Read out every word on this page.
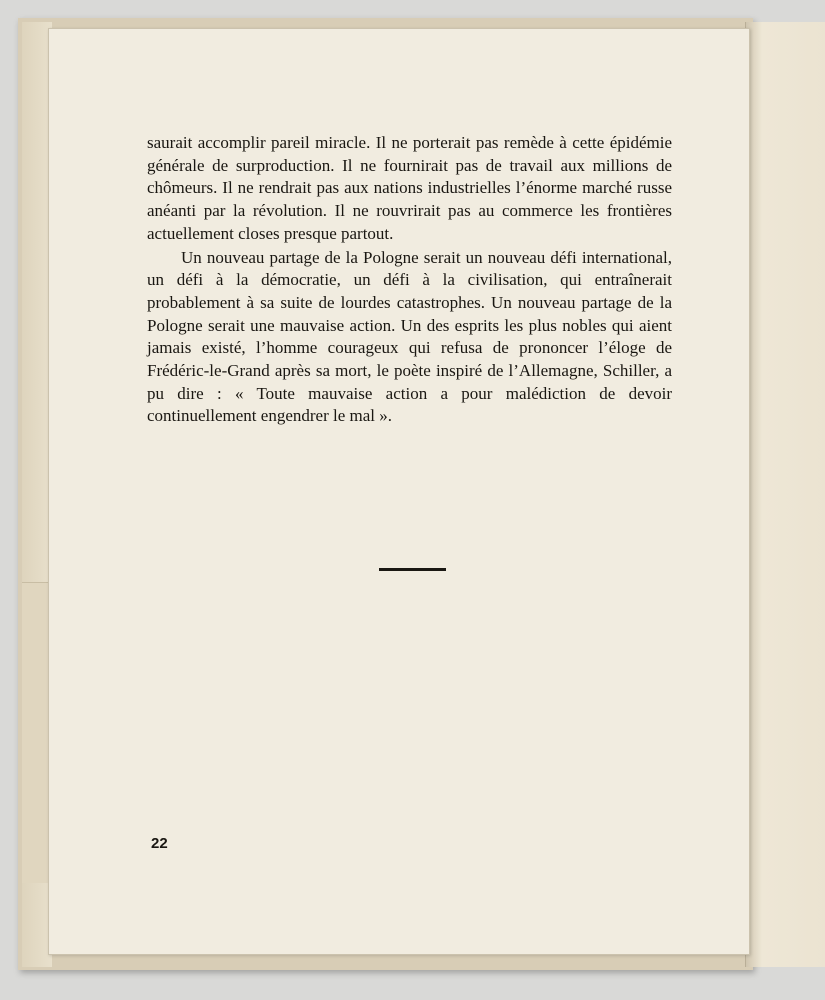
saurait accomplir pareil miracle. Il ne porterait pas remède à cette épidémie générale de surproduction. Il ne fournirait pas de travail aux millions de chômeurs. Il ne rendrait pas aux nations industrielles l’énorme marché russe anéanti par la révolution. Il ne rouvrirait pas au commerce les frontières actuellement closes presque partout.

Un nouveau partage de la Pologne serait un nouveau défi international, un défi à la démocratie, un défi à la civilisation, qui entraînerait probablement à sa suite de lourdes catastrophes. Un nouveau partage de la Pologne serait une mauvaise action. Un des esprits les plus nobles qui aient jamais existé, l’homme courageux qui refusa de prononcer l’éloge de Frédéric-le-Grand après sa mort, le poète inspiré de l’Allemagne, Schiller, a pu dire : « Toute mauvaise action a pour malédiction de devoir continuellement engendrer le mal ».

22
